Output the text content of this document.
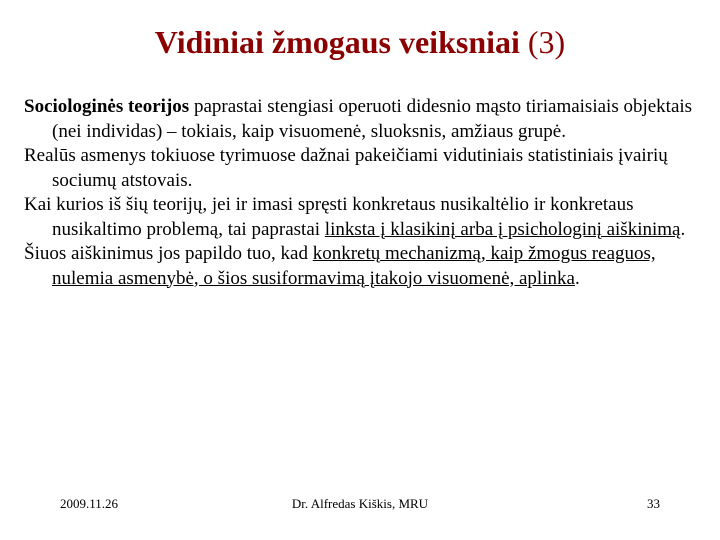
Vidiniai žmogaus veiksniai (3)

Sociologinės teorijos paprastai stengiasi operuoti didesnio mąsto tiriamaisiais objektais (nei individas) – tokiais, kaip visuomenė, sluoksnis, amžiaus grupė.

Realūs asmenys tokiuose tyrimuose dažnai pakeičiami vidutiniais statistiniais įvairių sociumų atstovais.

Kai kurios iš šių teorijų, jei ir imasi spręsti konkretaus nusikaltėlio ir konkretaus nusikaltimo problemą, tai paprastai linksta į klasikinį arba į psichologinį aiškinimą.

Šiuos aiškinimus jos papildo tuo, kad konkretų mechanizmą, kaip žmogus reaguos, nulemia asmenybė, o šios susiformavimą įtakojo visuomenė, aplinka.

2009.11.26	Dr. Alfredas Kiškis, MRU	33
